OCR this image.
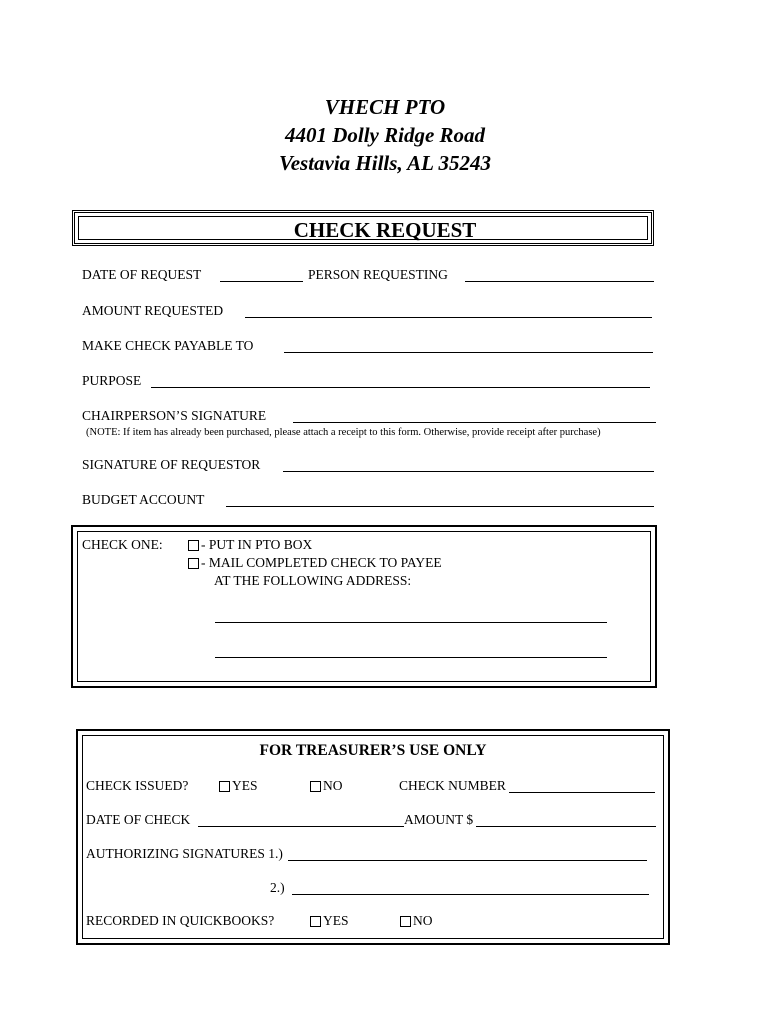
VHECH PTO
4401 Dolly Ridge Road
Vestavia Hills, AL 35243
CHECK REQUEST
DATE OF REQUEST	PERSON REQUESTING
AMOUNT REQUESTED
MAKE CHECK PAYABLE TO
PURPOSE
CHAIRPERSON’S SIGNATURE
(NOTE: If item has already been purchased, please attach a receipt to this form. Otherwise, provide receipt after purchase)
SIGNATURE OF REQUESTOR
BUDGET ACCOUNT
CHECK ONE:	- PUT IN PTO BOX
- MAIL COMPLETED CHECK TO PAYEE
AT THE FOLLOWING ADDRESS:
FOR TREASURER’S USE ONLY
CHECK ISSUED?	YES	NO	CHECK NUMBER
DATE OF CHECK	AMOUNT $
AUTHORIZING SIGNATURES 1.)
2.)
RECORDED IN QUICKBOOKS?	YES	NO
